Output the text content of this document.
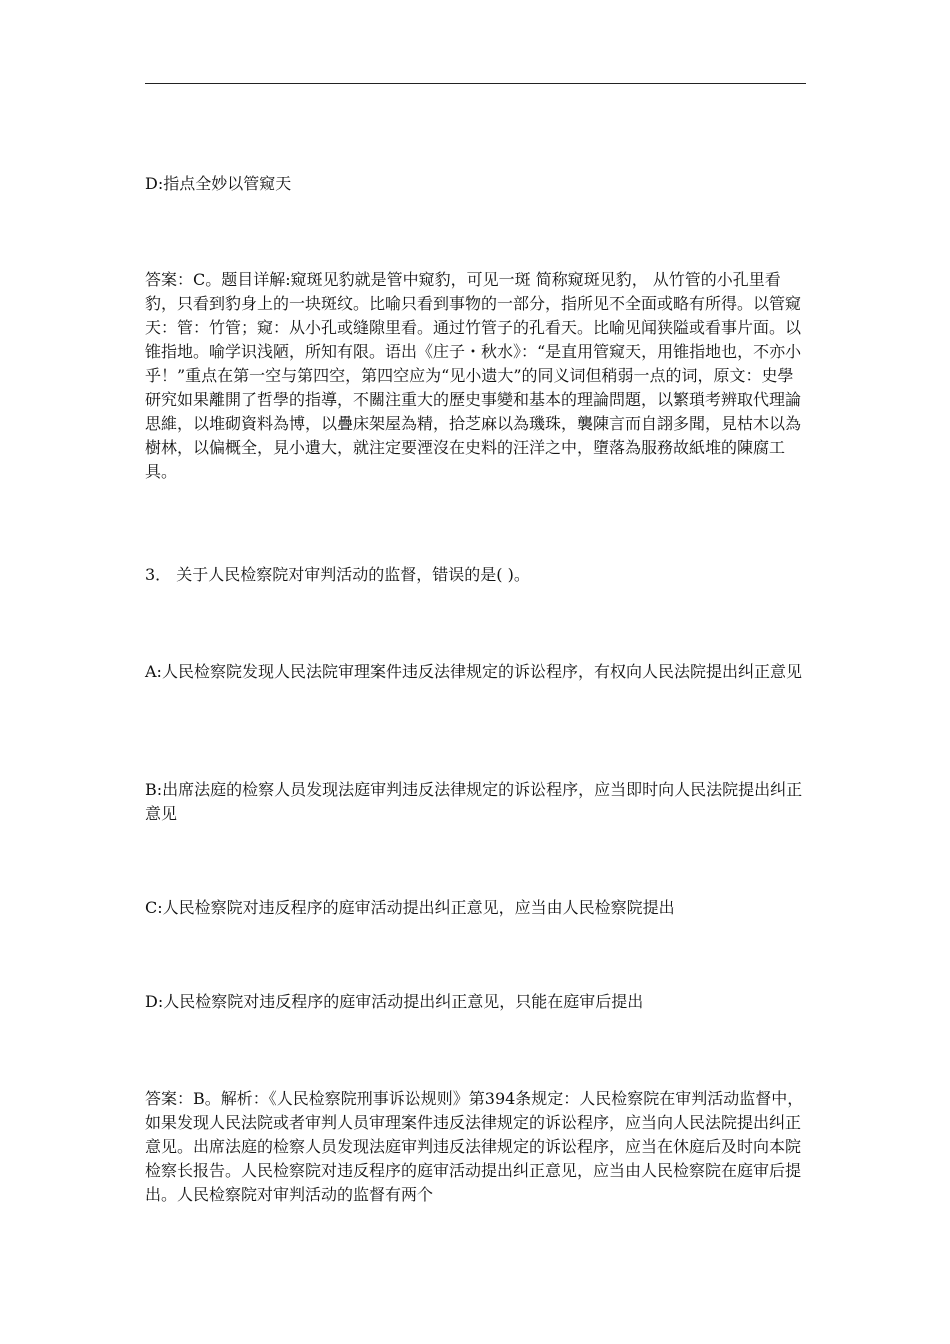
D:指点全妙以管窥天

答案：C。题目详解:窥斑见豹就是管中窥豹，可见一斑 简称窥斑见豹， 从竹管的小孔里看豹，只看到豹身上的一块斑纹。比喻只看到事物的一部分，指所见不全面或略有所得。以管窥天：管：竹管；窥：从小孔或缝隙里看。通过竹管子的孔看天。比喻见闻狭隘或看事片面。以锥指地。喻学识浅陋，所知有限。语出《庄子・秋水》：“是直用管窥天，用锥指地也，不亦小乎！”重点在第一空与第四空，第四空应为“见小遗大”的同义词但稍弱一点的词，原文：史學研究如果離開了哲學的指導，不關注重大的歷史事變和基本的理論問題，以繁瑣考辨取代理論思維，以堆砌資料為博，以疊床架屋為精，拾芝麻以為璣珠，襲陳言而自詡多聞，見枯木以為樹林，以偏概全，見小遺大，就注定要湮沒在史料的汪洋之中，墮落為服務故紙堆的陳腐工具。

3． 关于人民检察院对审判活动的监督，错误的是( )。

A:人民检察院发现人民法院审理案件违反法律规定的诉讼程序，有权向人民法院提出纠正意见

B:出席法庭的检察人员发现法庭审判违反法律规定的诉讼程序，应当即时向人民法院提出纠正意见

C:人民检察院对违反程序的庭审活动提出纠正意见，应当由人民检察院提出

D:人民检察院对违反程序的庭审活动提出纠正意见，只能在庭审后提出

答案：B。解析：《人民检察院刑事诉讼规则》第394条规定：人民检察院在审判活动监督中，如果发现人民法院或者审判人员审理案件违反法律规定的诉讼程序，应当向人民法院提出纠正意见。出席法庭的检察人员发现法庭审判违反法律规定的诉讼程序，应当在休庭后及时向本院检察长报告。人民检察院对违反程序的庭审活动提出纠正意见，应当由人民检察院在庭审后提出。人民检察院对审判活动的监督有两个
